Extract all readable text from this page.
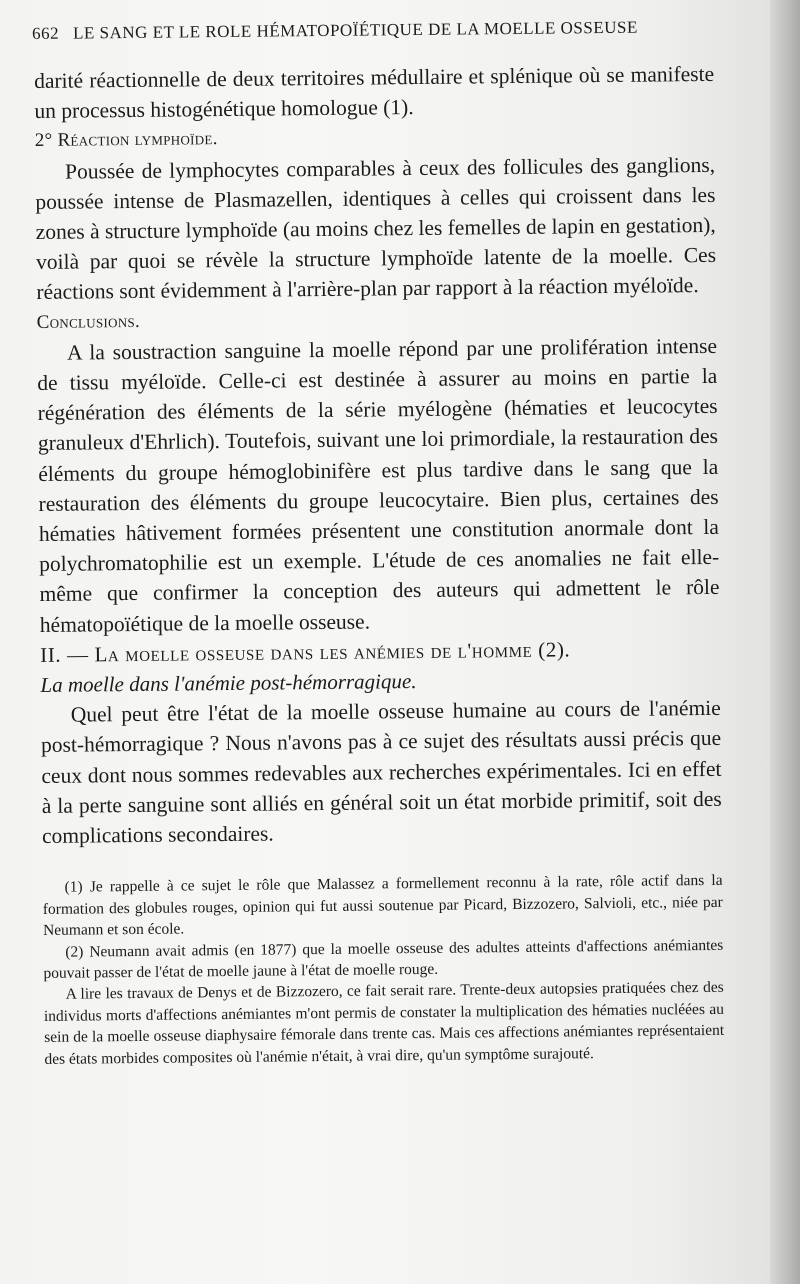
662 LE SANG ET LE ROLE HÉMATOPOÏÉTIQUE DE LA MOELLE OSSEUSE

darité réactionnelle de deux territoires médullaire et splénique où se manifeste un processus histogénétique homologue (1).

2° Réaction lymphoïde.

Poussée de lymphocytes comparables à ceux des follicules des ganglions, poussée intense de Plasmazellen, identiques à celles qui croissent dans les zones à structure lymphoïde (au moins chez les femelles de lapin en gestation), voilà par quoi se révèle la structure lymphoïde latente de la moelle. Ces réactions sont évidemment à l'arrière-plan par rapport à la réaction myéloïde.

Conclusions.

A la soustraction sanguine la moelle répond par une prolifération intense de tissu myéloïde. Celle-ci est destinée à assurer au moins en partie la régénération des éléments de la série myélogène (hématies et leucocytes granuleux d'Ehrlich). Toutefois, suivant une loi primordiale, la restauration des éléments du groupe hémoglobinifère est plus tardive dans le sang que la restauration des éléments du groupe leucocytaire. Bien plus, certaines des hématies hâtivement formées présentent une constitution anormale dont la polychromatophilie est un exemple. L'étude de ces anomalies ne fait elle-même que confirmer la conception des auteurs qui admettent le rôle hématopoïétique de la moelle osseuse.

II. — La moelle osseuse dans les anémies de l'homme (2).

La moelle dans l'anémie post-hémorragique.

Quel peut être l'état de la moelle osseuse humaine au cours de l'anémie post-hémorragique ? Nous n'avons pas à ce sujet des résultats aussi précis que ceux dont nous sommes redevables aux recherches expérimentales. Ici en effet à la perte sanguine sont alliés en général soit un état morbide primitif, soit des complications secondaires.

(1) Je rappelle à ce sujet le rôle que Malassez a formellement reconnu à la rate, rôle actif dans la formation des globules rouges, opinion qui fut aussi soutenue par Picard, Bizzozero, Salvioli, etc., niée par Neumann et son école.

(2) Neumann avait admis (en 1877) que la moelle osseuse des adultes atteints d'affections anémiantes pouvait passer de l'état de moelle jaune à l'état de moelle rouge.

A lire les travaux de Denys et de Bizzozero, ce fait serait rare. Trente-deux autopsies pratiquées chez des individus morts d'affections anémiantes m'ont permis de constater la multiplication des hématies nucléées au sein de la moelle osseuse diaphysaire fémorale dans trente cas. Mais ces affections anémiantes représentaient des états morbides composites où l'anémie n'était, à vrai dire, qu'un symptôme surajouté.
